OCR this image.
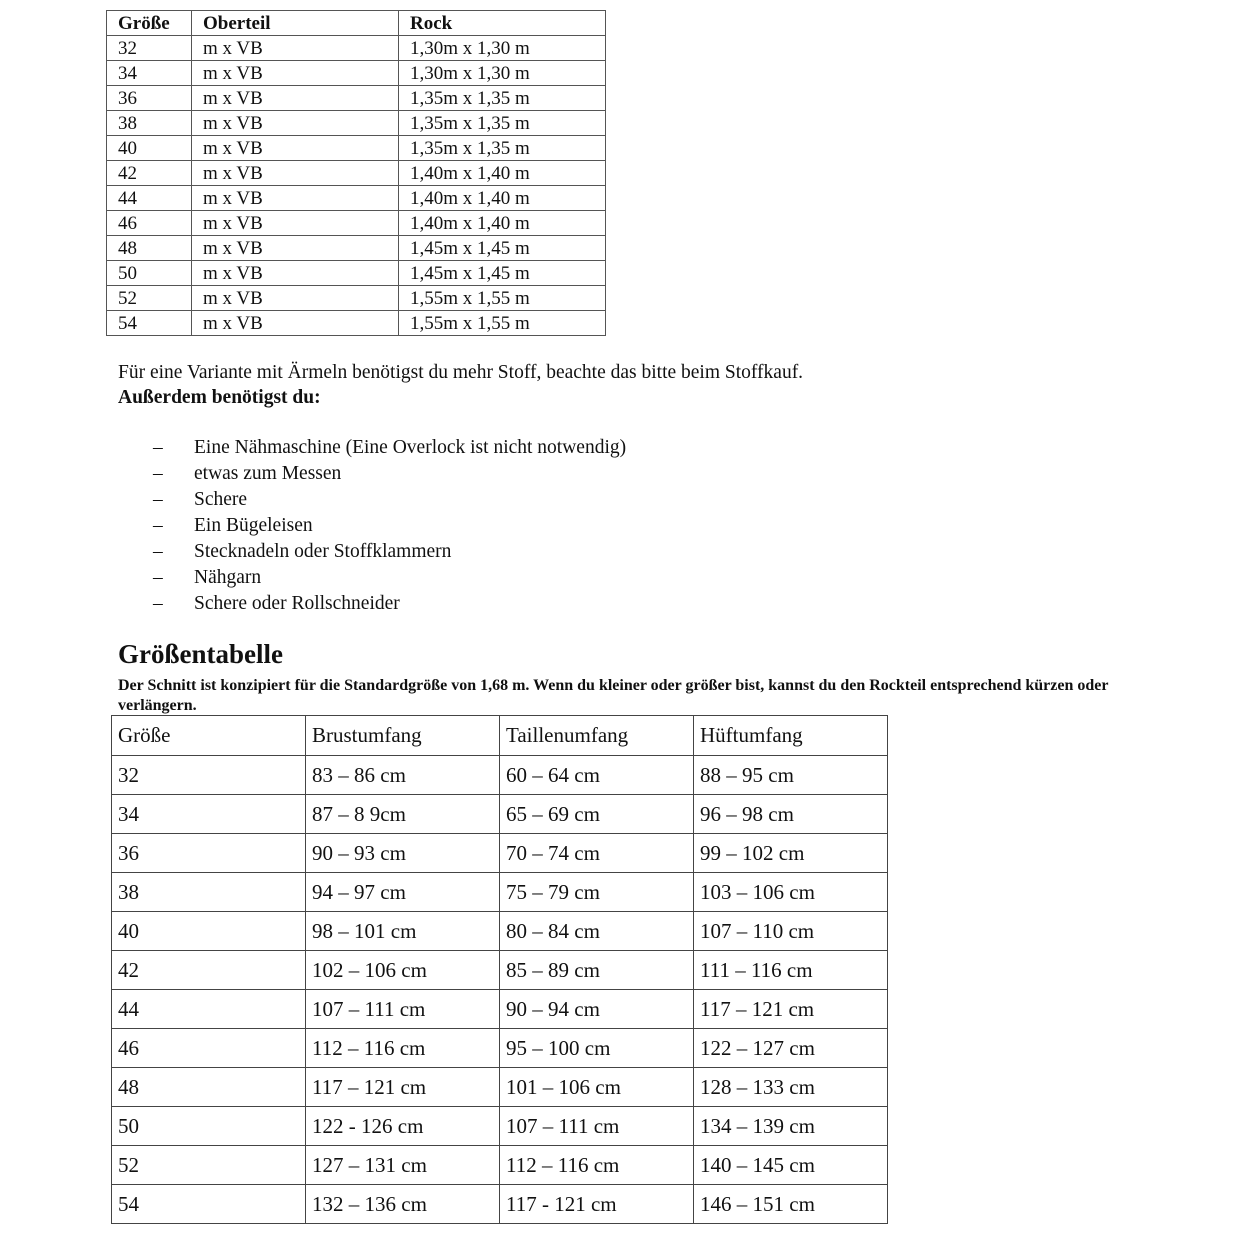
Größe	Oberteil	Rock
32	m x VB	1,30m x 1,30 m
34	m x VB	1,30m x 1,30 m
36	m x VB	1,35m x 1,35 m
38	m x VB	1,35m x 1,35 m
40	m x VB	1,35m x 1,35 m
42	m x VB	1,40m x 1,40 m
44	m x VB	1,40m x 1,40 m
46	m x VB	1,40m x 1,40 m
48	m x VB	1,45m x 1,45 m
50	m x VB	1,45m x 1,45 m
52	m x VB	1,55m x 1,55 m
54	m x VB	1,55m x 1,55 m
Für eine Variante mit Ärmeln benötigst du mehr Stoff, beachte das bitte beim Stoffkauf.
Außerdem benötigst du:
– Eine Nähmaschine (Eine Overlock ist nicht notwendig)
– etwas zum Messen
– Schere
– Ein Bügeleisen
– Stecknadeln oder Stoffklammern
– Nähgarn
– Schere oder Rollschneider
Größentabelle
Der Schnitt ist konzipiert für die Standardgröße von 1,68 m. Wenn du kleiner oder größer bist, kannst du den Rockteil entsprechend kürzen oder verlängern.
Größe	Brustumfang	Taillenumfang	Hüftumfang
32	83 – 86 cm	60 – 64 cm	88 – 95 cm
34	87 – 8 9cm	65 – 69 cm	96 – 98 cm
36	90 – 93 cm	70 – 74 cm	99 – 102 cm
38	94 – 97 cm	75 – 79 cm	103 – 106 cm
40	98 – 101 cm	80 – 84 cm	107 – 110 cm
42	102 – 106 cm	85 – 89 cm	111 – 116 cm
44	107 – 111 cm	90 – 94 cm	117 – 121 cm
46	112 – 116 cm	95 – 100 cm	122 – 127 cm
48	117 – 121 cm	101 – 106 cm	128 – 133 cm
50	122 - 126 cm	107 – 111 cm	134 – 139 cm
52	127 – 131 cm	112 – 116 cm	140 – 145 cm
54	132 – 136 cm	117 - 121 cm	146 – 151 cm
